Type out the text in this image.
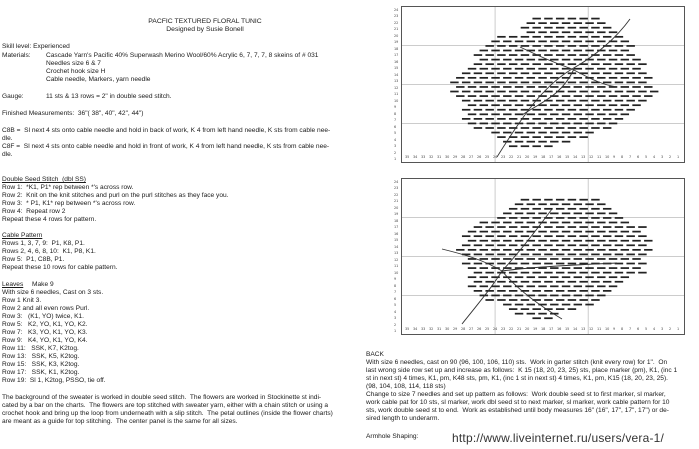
PACFIC TEXTURED FLORAL TUNIC
Designed by Susie Bonell
Skill level: Experienced
Materials: Cascade Yarn's Pacific 40% Superwash Merino Wool/60% Acrylic 6, 7, 7, 7, 8 skeins of # 031
Needles size 6 & 7
Crochet hook size H
Cable needle, Markers, yarn needle
Gauge:	11 sts & 13 rows = 2" in double seed stitch.
Finished Measurements:  36"( 38", 40", 42", 44")
C8B =  Sl next 4 sts onto cable needle and hold in back of work, K 4 from left hand needle, K sts from cable nee-
dle.
C8F =  Sl next 4 sts onto cable needle and hold in front of work, K 4 from left hand needle, K sts from cable nee-
dle.
Double Seed Stitch  (dbl SS)
Row 1:  *K1, P1* rep between *'s across row.
Row 2:  Knit on the knit stitches and purl on the purl stitches as they face you.
Row 3:  * P1, K1* rep between *'s across row.
Row 4:  Repeat row 2
Repeat these 4 rows for pattern.
Cable Pattern
Rows 1, 3, 7, 9:  P1, K8, P1.
Rows 2, 4, 6, 8, 10:  K1, P8, K1.
Row 5:  P1, C8B, P1.
Repeat these 10 rows for cable pattern.
Leaves Make 9
With size 6 needles, Cast on 3 sts.
Row 1 Knit 3.
Row 2 and all even rows Purl.
Row 3:   (K1, YO) twice, K1.
Row 5:   K2, YO, K1, YO, K2.
Row 7:   K3, YO, K1, YO, K3.
Row 9:   K4, YO, K1, YO, K4.
Row 11:   SSK, K7, K2tog.
Row 13:   SSK, K5, K2tog.
Row 15:   SSK, K3, K2tog.
Row 17:   SSK, K1, K2tog.
Row 19:  Sl 1, K2tog, PSSO, tie off.
The background of the sweater is worked in double seed stitch.  The flowers are worked in Stockinette st indi-
cated by a bar on the charts.  The flowers are top stitched with sweater yarn, either with a chain stitch or using a
crochet hook and bring up the loop from underneath with a slip stitch.  The petal outlines (inside the flower charts)
are meant as a guide for top stitching.  The center panel is the same for all sizes.
24
23
22
21
20
19
18
17
16
15
14
13
12
11
10
9
8
7
6
5
4
3
2
1	35 34 33 32 31 30 29 28 27 26 25 24 23 22 21 20 19 18 17 16 15 14 13 12 11 10 9 8 7 6 5 4 3 2 1
24
23
22
21
20
19
18
17
16
15
14
13
12
11
10
9
8
7
6
5
4
3
2
1	35 34 33 32 31 30 29 28 27 26 25 24 23 22 21 20 19 18 17 16 15 14 13 12 11 10 9 8 7 6 5 4 3 2 1
BACK
With size 6 needles, cast on 90 (96, 100, 106, 110) sts.  Work in garter stitch (knit every row) for 1".  On
last wrong side row set up and increase as follows:  K 15 (18, 20, 23, 25) sts, place marker (pm), K1, (inc 1
st in next st) 4 times, K1, pm, K48 sts, pm, K1, (inc 1 st in next st) 4 times, K1, pm, K15 (18, 20, 23, 25).
(98, 104, 108, 114, 118 sts)
Change to size 7 needles and set up pattern as follows:  Work double seed st to first marker, sl marker,
work cable pat for 10 sts, sl marker, work dbl seed st to next marker, sl marker, work cable pattern for 10
sts, work double seed st to end.  Work as established until body measures 16" (16", 17", 17", 17") or de-
sired length to underarm.
Armhole Shaping:	http://www.liveinternet.ru/users/vera-1/
